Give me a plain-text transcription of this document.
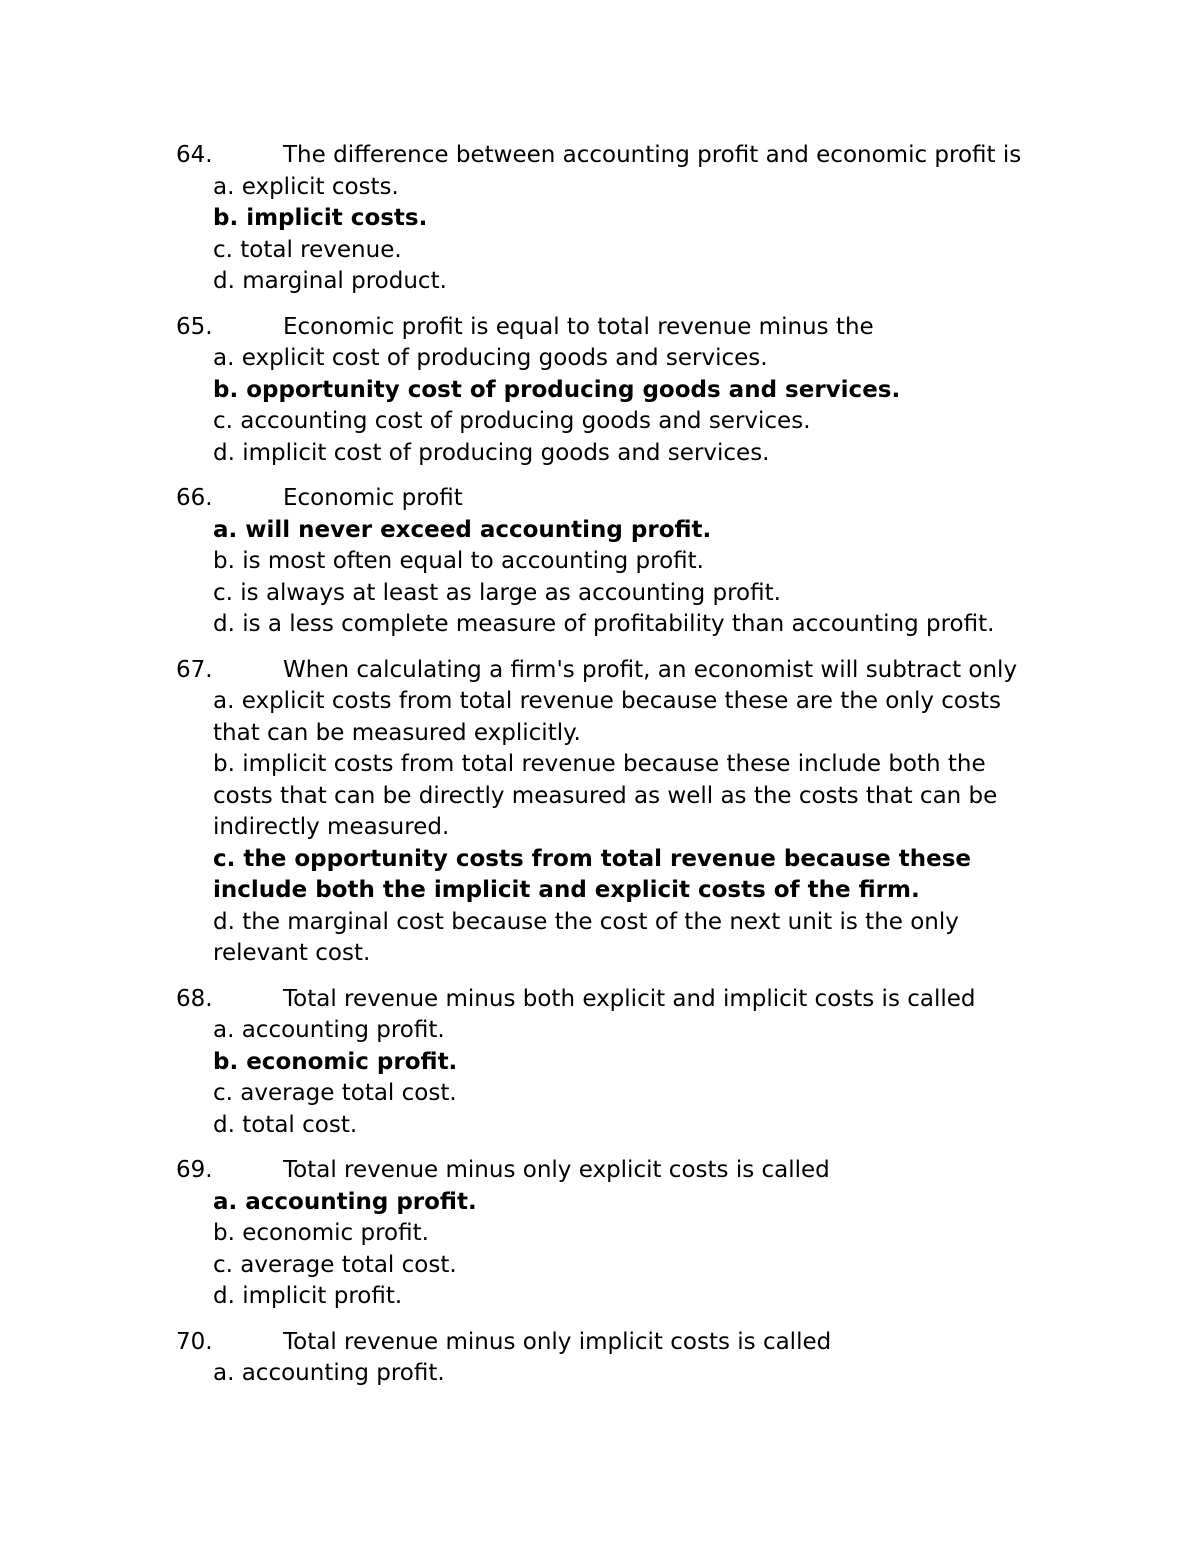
64.	The difference between accounting profit and economic profit is
a. explicit costs.
b. implicit costs.
c. total revenue.
d. marginal product.
65.	Economic profit is equal to total revenue minus the
a. explicit cost of producing goods and services.
b. opportunity cost of producing goods and services.
c. accounting cost of producing goods and services.
d. implicit cost of producing goods and services.
66.	Economic profit
a. will never exceed accounting profit.
b. is most often equal to accounting profit.
c. is always at least as large as accounting profit.
d. is a less complete measure of profitability than accounting profit.
67.	When calculating a firm's profit, an economist will subtract only
a. explicit costs from total revenue because these are the only costs that can be measured explicitly.
b. implicit costs from total revenue because these include both the costs that can be directly measured as well as the costs that can be indirectly measured.
c. the opportunity costs from total revenue because these include both the implicit and explicit costs of the firm.
d. the marginal cost because the cost of the next unit is the only relevant cost.
68.	Total revenue minus both explicit and implicit costs is called
a. accounting profit.
b. economic profit.
c. average total cost.
d. total cost.
69.	Total revenue minus only explicit costs is called
a. accounting profit.
b. economic profit.
c. average total cost.
d. implicit profit.
70.	Total revenue minus only implicit costs is called
a. accounting profit.
